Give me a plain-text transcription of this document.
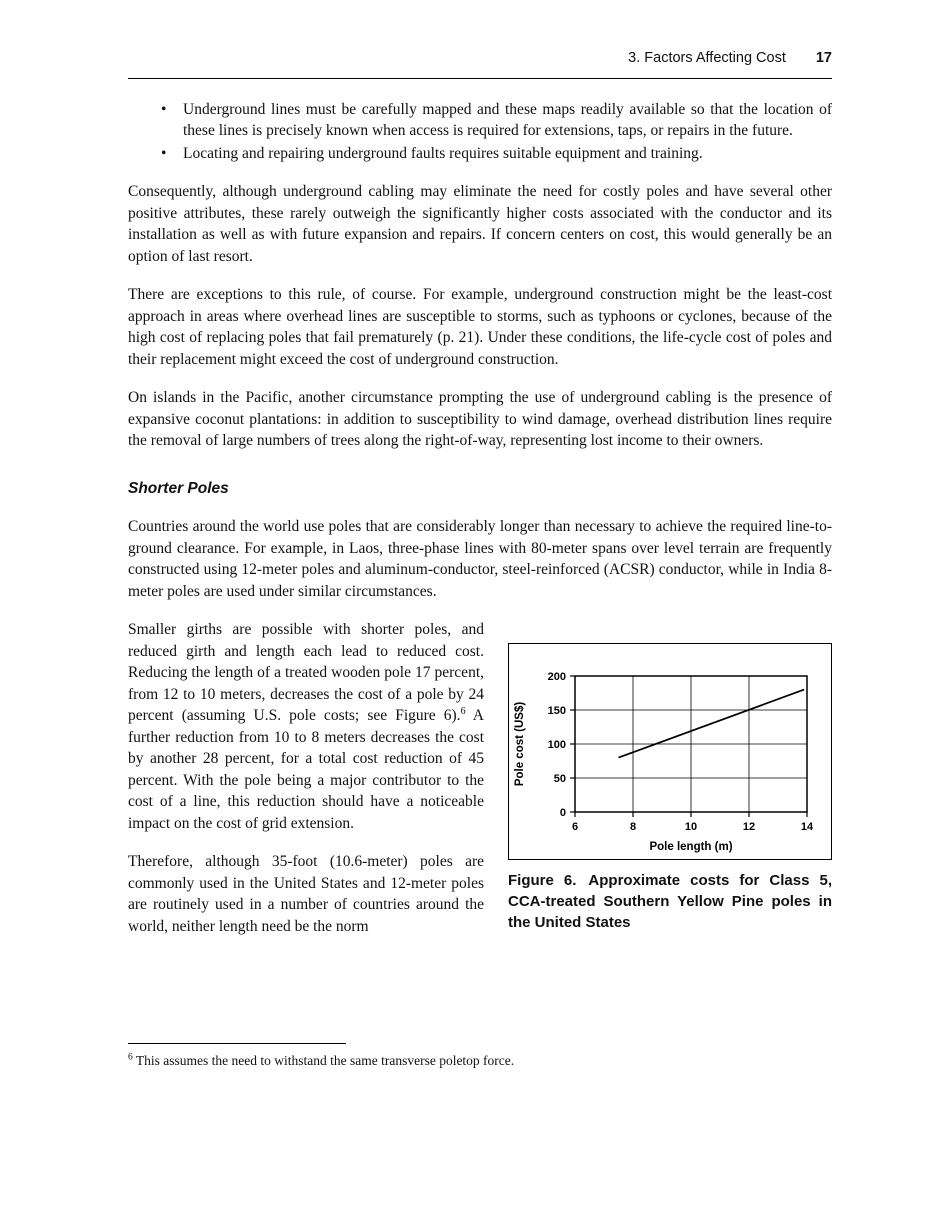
3. Factors Affecting Cost 17
• Underground lines must be carefully mapped and these maps readily available so that the location of these lines is precisely known when access is required for extensions, taps, or repairs in the future.
• Locating and repairing underground faults requires suitable equipment and training.

Consequently, although underground cabling may eliminate the need for costly poles and have several other positive attributes, these rarely outweigh the significantly higher costs associated with the conductor and its installation as well as with future expansion and repairs. If concern centers on cost, this would generally be an option of last resort.

There are exceptions to this rule, of course. For example, underground construction might be the least-cost approach in areas where overhead lines are susceptible to storms, such as typhoons or cyclones, because of the high cost of replacing poles that fail prematurely (p. 21). Under these conditions, the life-cycle cost of poles and their replacement might exceed the cost of underground construction.

On islands in the Pacific, another circumstance prompting the use of underground cabling is the presence of expansive coconut plantations: in addition to susceptibility to wind damage, overhead distribution lines require the removal of large numbers of trees along the right-of-way, representing lost income to their owners.

Shorter Poles

Countries around the world use poles that are considerably longer than necessary to achieve the required line-to-ground clearance. For example, in Laos, three-phase lines with 80-meter spans over level terrain are frequently constructed using 12-meter poles and aluminum-conductor, steel-reinforced (ACSR) conductor, while in India 8-meter poles are used under similar circumstances.

Smaller girths are possible with shorter poles, and reduced girth and length each lead to reduced cost. Reducing the length of a treated wooden pole 17 percent, from 12 to 10 meters, decreases the cost of a pole by 24 percent (assuming U.S. pole costs; see Figure 6).$^6$ A further reduction from 10 to 8 meters decreases the cost by another 28 percent, for a total cost reduction of 45 percent. With the pole being a major contributor to the cost of a line, this reduction should have a noticeable impact on the cost of grid extension.

Therefore, although 35-foot (10.6-meter) poles are commonly used in the United States and 12-meter poles are routinely used in a number of countries around the world, neither length need be the norm

6	8	10	12	14
0
50
100
150
200
Pole length (m)
Pole cost (US$)

Figure 6. Approximate costs for Class 5, CCA-treated Southern Yellow Pine poles in the United States

$^6$ This assumes the need to withstand the same transverse poletop force.
